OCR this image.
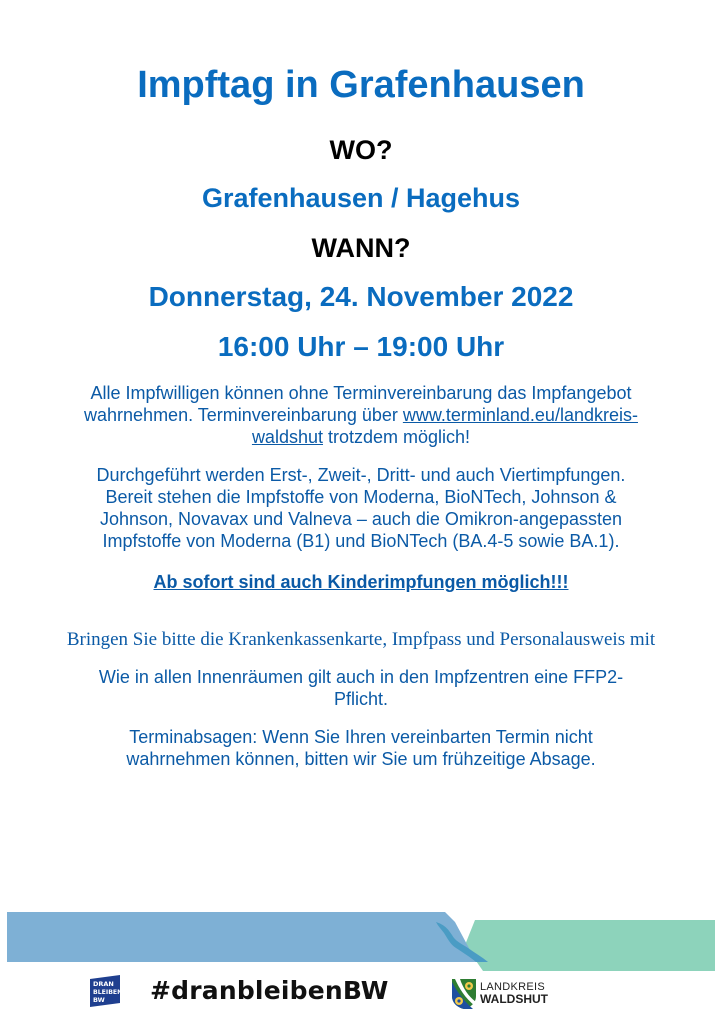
Impftag in Grafenhausen
WO?
Grafenhausen / Hagehus
WANN?
Donnerstag, 24. November 2022
16:00 Uhr – 19:00 Uhr
Alle Impfwilligen können ohne Terminvereinbarung das Impfangebot
wahrnehmen. Terminvereinbarung über www.terminland.eu/landkreis-
waldshut trotzdem möglich!
Durchgeführt werden Erst-, Zweit-, Dritt- und auch Viertimpfungen.
Bereit stehen die Impfstoffe von Moderna, BioNTech, Johnson &
Johnson, Novavax und Valneva – auch die Omikron-angepassten
Impfstoffe von Moderna (B1) und BioNTech (BA.4-5 sowie BA.1).
Ab sofort sind auch Kinderimpfungen möglich!!!
Bringen Sie bitte die Krankenkassenkarte, Impfpass und Personalausweis mit
Wie in allen Innenräumen gilt auch in den Impfzentren eine FFP2-
Pflicht.
Terminabsagen: Wenn Sie Ihren vereinbarten Termin nicht
wahrnehmen können, bitten wir Sie um frühzeitige Absage.
DRAN
BLEIBEN
BW #dranbleibenBW	LANDKREIS
WALDSHUT
